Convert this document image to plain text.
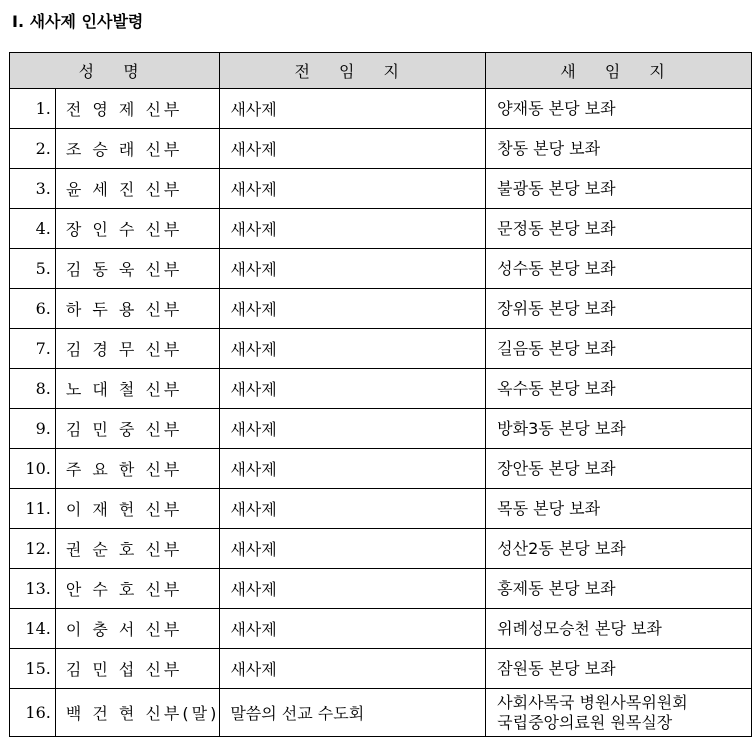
Ⅰ. 새사제 인사발령
성 명		전 임 지	새 임 지
1.	전 영 제 신부	새사제	양재동 본당 보좌

2.	조 승 래 신부	새사제	창동 본당 보좌

3.	윤 세 진 신부	새사제	불광동 본당 보좌

4.	장 인 수 신부	새사제	문정동 본당 보좌

5.	김 동 욱 신부	새사제	성수동 본당 보좌

6.	하 두 용 신부	새사제	장위동 본당 보좌

7.	김 경 무 신부	새사제	길음동 본당 보좌

8.	노 대 철 신부	새사제	옥수동 본당 보좌

9.	김 민 중 신부	새사제	방화3동 본당 보좌

10.	주 요 한 신부	새사제	장안동 본당 보좌

11.	이 재 헌 신부	새사제	목동 본당 보좌

12.	권 순 호 신부	새사제	성산2동 본당 보좌

13.	안 수 호 신부	새사제	홍제동 본당 보좌

14.	이 충 서 신부	새사제	위례성모승천 본당 보좌

15.	김 민 섭 신부	새사제	잠원동 본당 보좌

16.	백 건 현 신부(말)	말씀의 선교 수도회	사회사목국 병원사목위원회
국립중앙의료원 원목실장
